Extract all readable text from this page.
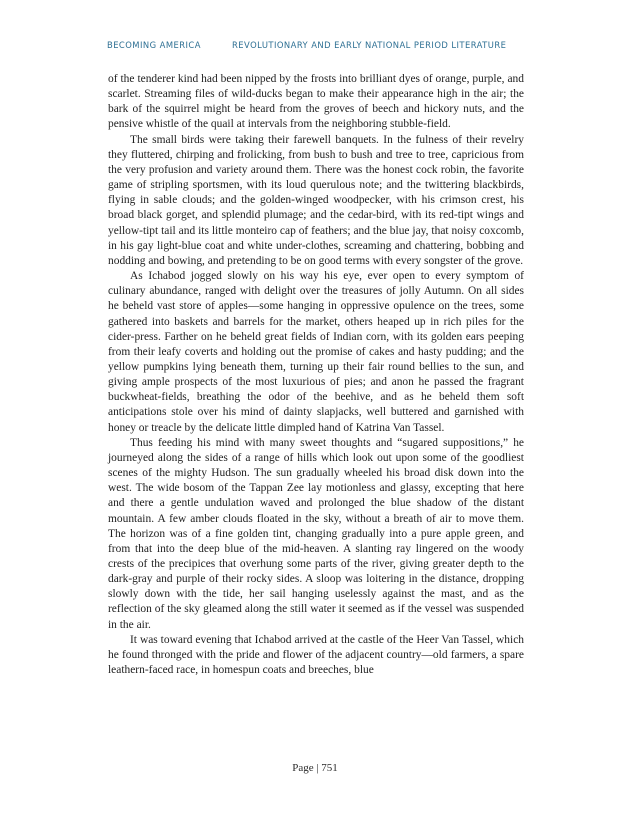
BECOMING AMERICA	REVOLUTIONARY AND EARLY NATIONAL PERIOD LITERATURE

of the tenderer kind had been nipped by the frosts into brilliant dyes of orange, purple, and scarlet. Streaming files of wild-ducks began to make their appearance high in the air; the bark of the squirrel might be heard from the groves of beech and hickory nuts, and the pensive whistle of the quail at intervals from the neighboring stubble-field.

The small birds were taking their farewell banquets. In the fulness of their revelry they fluttered, chirping and frolicking, from bush to bush and tree to tree, capricious from the very profusion and variety around them. There was the honest cock robin, the favorite game of stripling sportsmen, with its loud querulous note; and the twittering blackbirds, flying in sable clouds; and the golden-winged woodpecker, with his crimson crest, his broad black gorget, and splendid plumage; and the cedar-bird, with its red-tipt wings and yellow-tipt tail and its little monteiro cap of feathers; and the blue jay, that noisy coxcomb, in his gay light-blue coat and white under-clothes, screaming and chattering, bobbing and nodding and bowing, and pretending to be on good terms with every songster of the grove.

As Ichabod jogged slowly on his way his eye, ever open to every symptom of culinary abundance, ranged with delight over the treasures of jolly Autumn. On all sides he beheld vast store of apples—some hanging in oppressive opulence on the trees, some gathered into baskets and barrels for the market, others heaped up in rich piles for the cider-press. Farther on he beheld great fields of Indian corn, with its golden ears peeping from their leafy coverts and holding out the promise of cakes and hasty pudding; and the yellow pumpkins lying beneath them, turning up their fair round bellies to the sun, and giving ample prospects of the most luxurious of pies; and anon he passed the fragrant buckwheat-fields, breathing the odor of the beehive, and as he beheld them soft anticipations stole over his mind of dainty slapjacks, well buttered and garnished with honey or treacle by the delicate little dimpled hand of Katrina Van Tassel.

Thus feeding his mind with many sweet thoughts and “sugared suppositions,” he journeyed along the sides of a range of hills which look out upon some of the goodliest scenes of the mighty Hudson. The sun gradually wheeled his broad disk down into the west. The wide bosom of the Tappan Zee lay motionless and glassy, excepting that here and there a gentle undulation waved and prolonged the blue shadow of the distant mountain. A few amber clouds floated in the sky, without a breath of air to move them. The horizon was of a fine golden tint, changing gradually into a pure apple green, and from that into the deep blue of the mid-heaven. A slanting ray lingered on the woody crests of the precipices that overhung some parts of the river, giving greater depth to the dark-gray and purple of their rocky sides. A sloop was loitering in the distance, dropping slowly down with the tide, her sail hanging uselessly against the mast, and as the reflection of the sky gleamed along the still water it seemed as if the vessel was suspended in the air.

It was toward evening that Ichabod arrived at the castle of the Heer Van Tassel, which he found thronged with the pride and flower of the adjacent country—old farmers, a spare leathern-faced race, in homespun coats and breeches, blue

Page | 751
